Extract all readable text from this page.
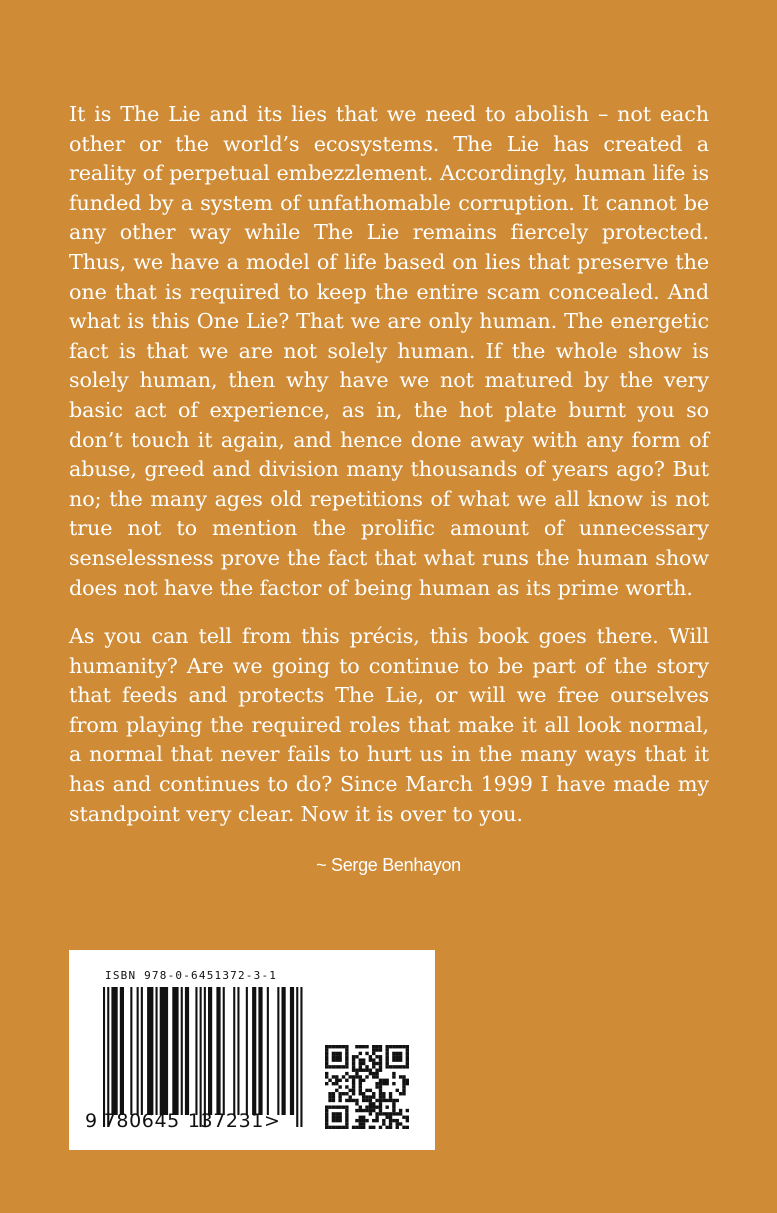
It is The Lie and its lies that we need to abolish – not each other or the world’s ecosystems. The Lie has created a reality of perpetual embezzlement. Accordingly, human life is funded by a system of unfathomable corruption. It cannot be any other way while The Lie remains fiercely protected. Thus, we have a model of life based on lies that preserve the one that is required to keep the entire scam concealed. And what is this One Lie? That we are only human. The energetic fact is that we are not solely human. If the whole show is solely human, then why have we not matured by the very basic act of experience, as in, the hot plate burnt you so don’t touch it again, and hence done away with any form of abuse, greed and division many thousands of years ago? But no; the many ages old repetitions of what we all know is not true not to mention the prolific amount of unnecessary senselessness prove the fact that what runs the human show does not have the factor of being human as its prime worth.

As you can tell from this précis, this book goes there. Will humanity? Are we going to continue to be part of the story that feeds and protects The Lie, or will we free ourselves from playing the required roles that make it all look normal, a normal that never fails to hurt us in the many ways that it has and continues to do? Since March 1999 I have made my standpoint very clear. Now it is over to you.

~ Serge Benhayon
ISBN 978-0-6451372-3-1
9 780645 137231>
